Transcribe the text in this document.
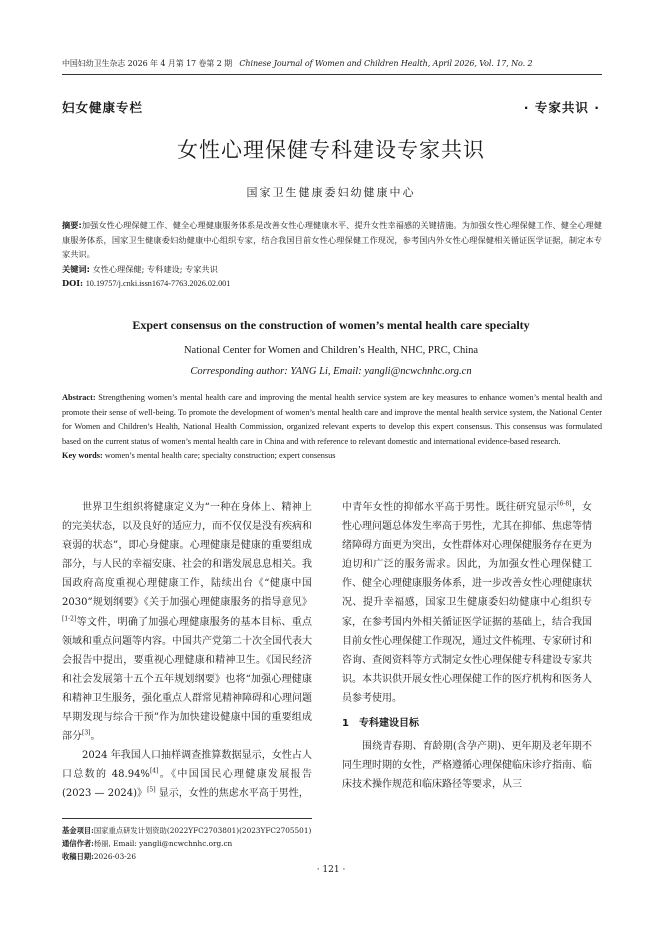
中国妇幼卫生杂志 2026 年 4 月第 17 卷第 2 期 Chinese Journal of Women and Children Health, April 2026, Vol. 17, No. 2
妇女健康专栏	· 专家共识 ·
女性心理保健专科建设专家共识
国家卫生健康委妇幼健康中心
摘要:加强女性心理保健工作、健全心理健康服务体系是改善女性心理健康水平、提升女性幸福感的关键措施。为加强女性心理保健工作、健全心理健康服务体系，国家卫生健康委妇幼健康中心组织专家，结合我国目前女性心理保健工作现况，参考国内外女性心理保健相关循证医学证据，制定本专家共识。
关键词: 女性心理保健; 专科建设; 专家共识
DOI: 10.19757/j.cnki.issn1674-7763.2026.02.001
Expert consensus on the construction of women’s mental health care specialty
National Center for Women and Children’s Health, NHC, PRC, China
Corresponding author: YANG Li, Email: yangli@ncwchnhc.org.cn
Abstract: Strengthening women’s mental health care and improving the mental health service system are key measures to enhance women’s mental health and promote their sense of well-being. To promote the development of women’s mental health care and improve the mental health service system, the National Center for Women and Children’s Health, National Health Commission, organized relevant experts to develop this expert consensus. This consensus was formulated based on the current status of women’s mental health care in China and with reference to relevant domestic and international evidence-based research.
Key words: women’s mental health care; specialty construction; expert consensus

世界卫生组织将健康定义为“一种在身体上、精神上的完美状态，以及良好的适应力，而不仅仅是没有疾病和衰弱的状态”，即心身健康。心理健康是健康的重要组成部分，与人民的幸福安康、社会的和谐发展息息相关。我国政府高度重视心理健康工作，陆续出台《“健康中国 2030”规划纲要》《关于加强心理健康服务的指导意见》[1-2]等文件，明确了加强心理健康服务的基本目标、重点领域和重点问题等内容。中国共产党第二十次全国代表大会报告中提出，要重视心理健康和精神卫生。《国民经济和社会发展第十五个五年规划纲要》也将“加强心理健康和精神卫生服务，强化重点人群常见精神障碍和心理问题早期发现与综合干预”作为加快建设健康中国的重要组成部分[3]。

2024 年我国人口抽样调查推算数据显示，女性占人口总数的 48.94%[4]。《中国国民心理健康发展报告 (2023 — 2024)》[5] 显示，女性的焦虑水平高于男性，

中青年女性的抑郁水平高于男性。既往研究显示[6-8]，女性心理问题总体发生率高于男性，尤其在抑郁、焦虑等情绪障碍方面更为突出，女性群体对心理保健服务存在更为迫切和广泛的服务需求。因此，为加强女性心理保健工作、健全心理健康服务体系，进一步改善女性心理健康状况、提升幸福感，国家卫生健康委妇幼健康中心组织专家，在参考国内外相关循证医学证据的基础上，结合我国目前女性心理保健工作现况，通过文件梳理、专家研讨和咨询、查阅资料等方式制定女性心理保健专科建设专家共识。本共识供开展女性心理保健工作的医疗机构和医务人员参考使用。

1　专科建设目标

围绕青春期、育龄期(含孕产期)、更年期及老年期不同生理时期的女性，严格遵循心理保健临床诊疗指南、临床技术操作规范和临床路径等要求，从三

基金项目:国家重点研发计划资助(2022YFC2703801)(2023YFC2705501)
通信作者:杨丽, Email: yangli@ncwchnhc.org.cn
收稿日期:2026-03-26
· 121 ·
